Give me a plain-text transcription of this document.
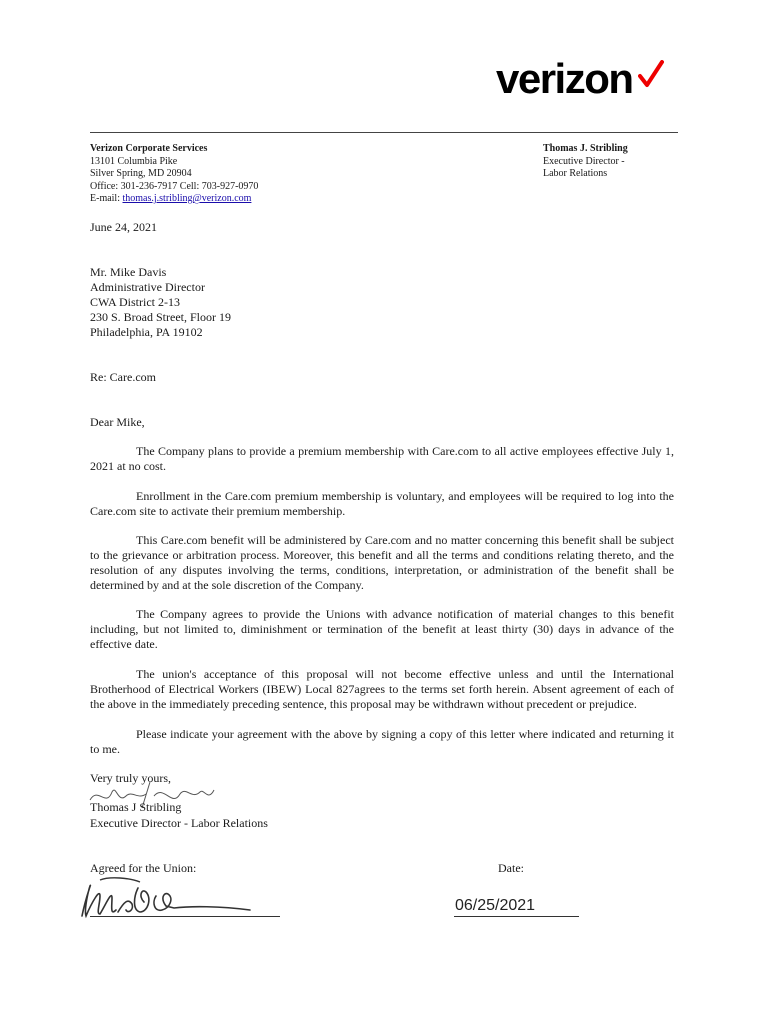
verizon
Verizon Corporate Services
13101 Columbia Pike
Silver Spring, MD 20904
Office: 301-236-7917 Cell: 703-927-0970
E-mail: thomas.j.stribling@verizon.com
Thomas J. Stribling
Executive Director -
Labor Relations
June 24, 2021
Mr. Mike Davis
Administrative Director
CWA District 2-13
230 S. Broad Street, Floor 19
Philadelphia, PA 19102
Re: Care.com
Dear Mike,
The Company plans to provide a premium membership with Care.com to all active employees effective July 1, 2021 at no cost.
Enrollment in the Care.com premium membership is voluntary, and employees will be required to log into the Care.com site to activate their premium membership.
This Care.com benefit will be administered by Care.com and no matter concerning this benefit shall be subject to the grievance or arbitration process. Moreover, this benefit and all the terms and conditions relating thereto, and the resolution of any disputes involving the terms, conditions, interpretation, or administration of the benefit shall be determined by and at the sole discretion of the Company.
The Company agrees to provide the Unions with advance notification of material changes to this benefit including, but not limited to, diminishment or termination of the benefit at least thirty (30) days in advance of the effective date.
The union's acceptance of this proposal will not become effective unless and until the International Brotherhood of Electrical Workers (IBEW) Local 827agrees to the terms set forth herein. Absent agreement of each of the above in the immediately preceding sentence, this proposal may be withdrawn without precedent or prejudice.
Please indicate your agreement with the above by signing a copy of this letter where indicated and returning it to me.
Very truly yours,
Thomas J Stribling
Executive Director - Labor Relations
Agreed for the Union:	Date:
06/25/2021
